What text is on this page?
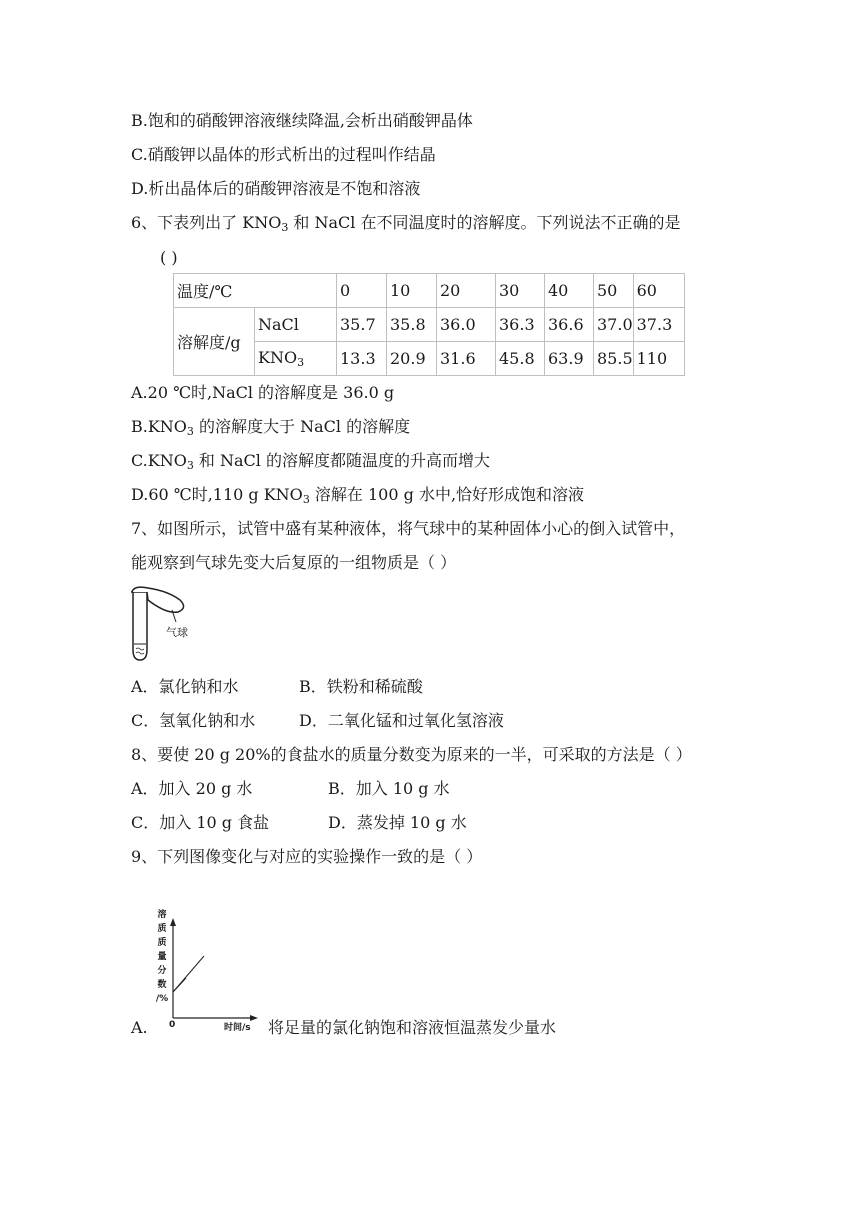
B.饱和的硝酸钾溶液继续降温,会析出硝酸钾晶体
C.硝酸钾以晶体的形式析出的过程叫作结晶
D.析出晶体后的硝酸钾溶液是不饱和溶液
6、下表列出了 $KNO_3$ 和 NaCl 在不同温度时的溶解度。下列说法不正确的是
( )
温度/℃		0	10	20	30	40	50	60
溶解度/g	NaCl	35.7	35.8	36.0	36.3	36.6	37.0	37.3
	$KNO_3$	13.3	20.9	31.6	45.8	63.9	85.5	110
A.20 ℃时,NaCl 的溶解度是 36.0 g
$B.KNO_3$ 的溶解度大于 NaCl 的溶解度
$C.KNO_3$ 和 NaCl 的溶解度都随温度的升高而增大
D.60 ℃时,110 g $KNO_3$ 溶解在 100 g 水中,恰好形成饱和溶液
7、如图所示，试管中盛有某种液体，将气球中的某种固体小心的倒入试管中，
能观察到气球先变大后复原的一组物质是（ ）
气球
A．氯化钠和水	B．铁粉和稀硫酸
C．氢氧化钠和水	D．二氧化锰和过氧化氢溶液
8、要使 20 g 20%的食盐水的质量分数变为原来的一半，可采取的方法是（ ）
A．加入 20 g 水	B．加入 10 g 水
C．加入 10 g 食盐	D．蒸发掉 10 g 水
9、下列图像变化与对应的实验操作一致的是（ ）
溶
质
质
量
分
数
/%
0	时间/s
A.	将足量的氯化钠饱和溶液恒温蒸发少量水
